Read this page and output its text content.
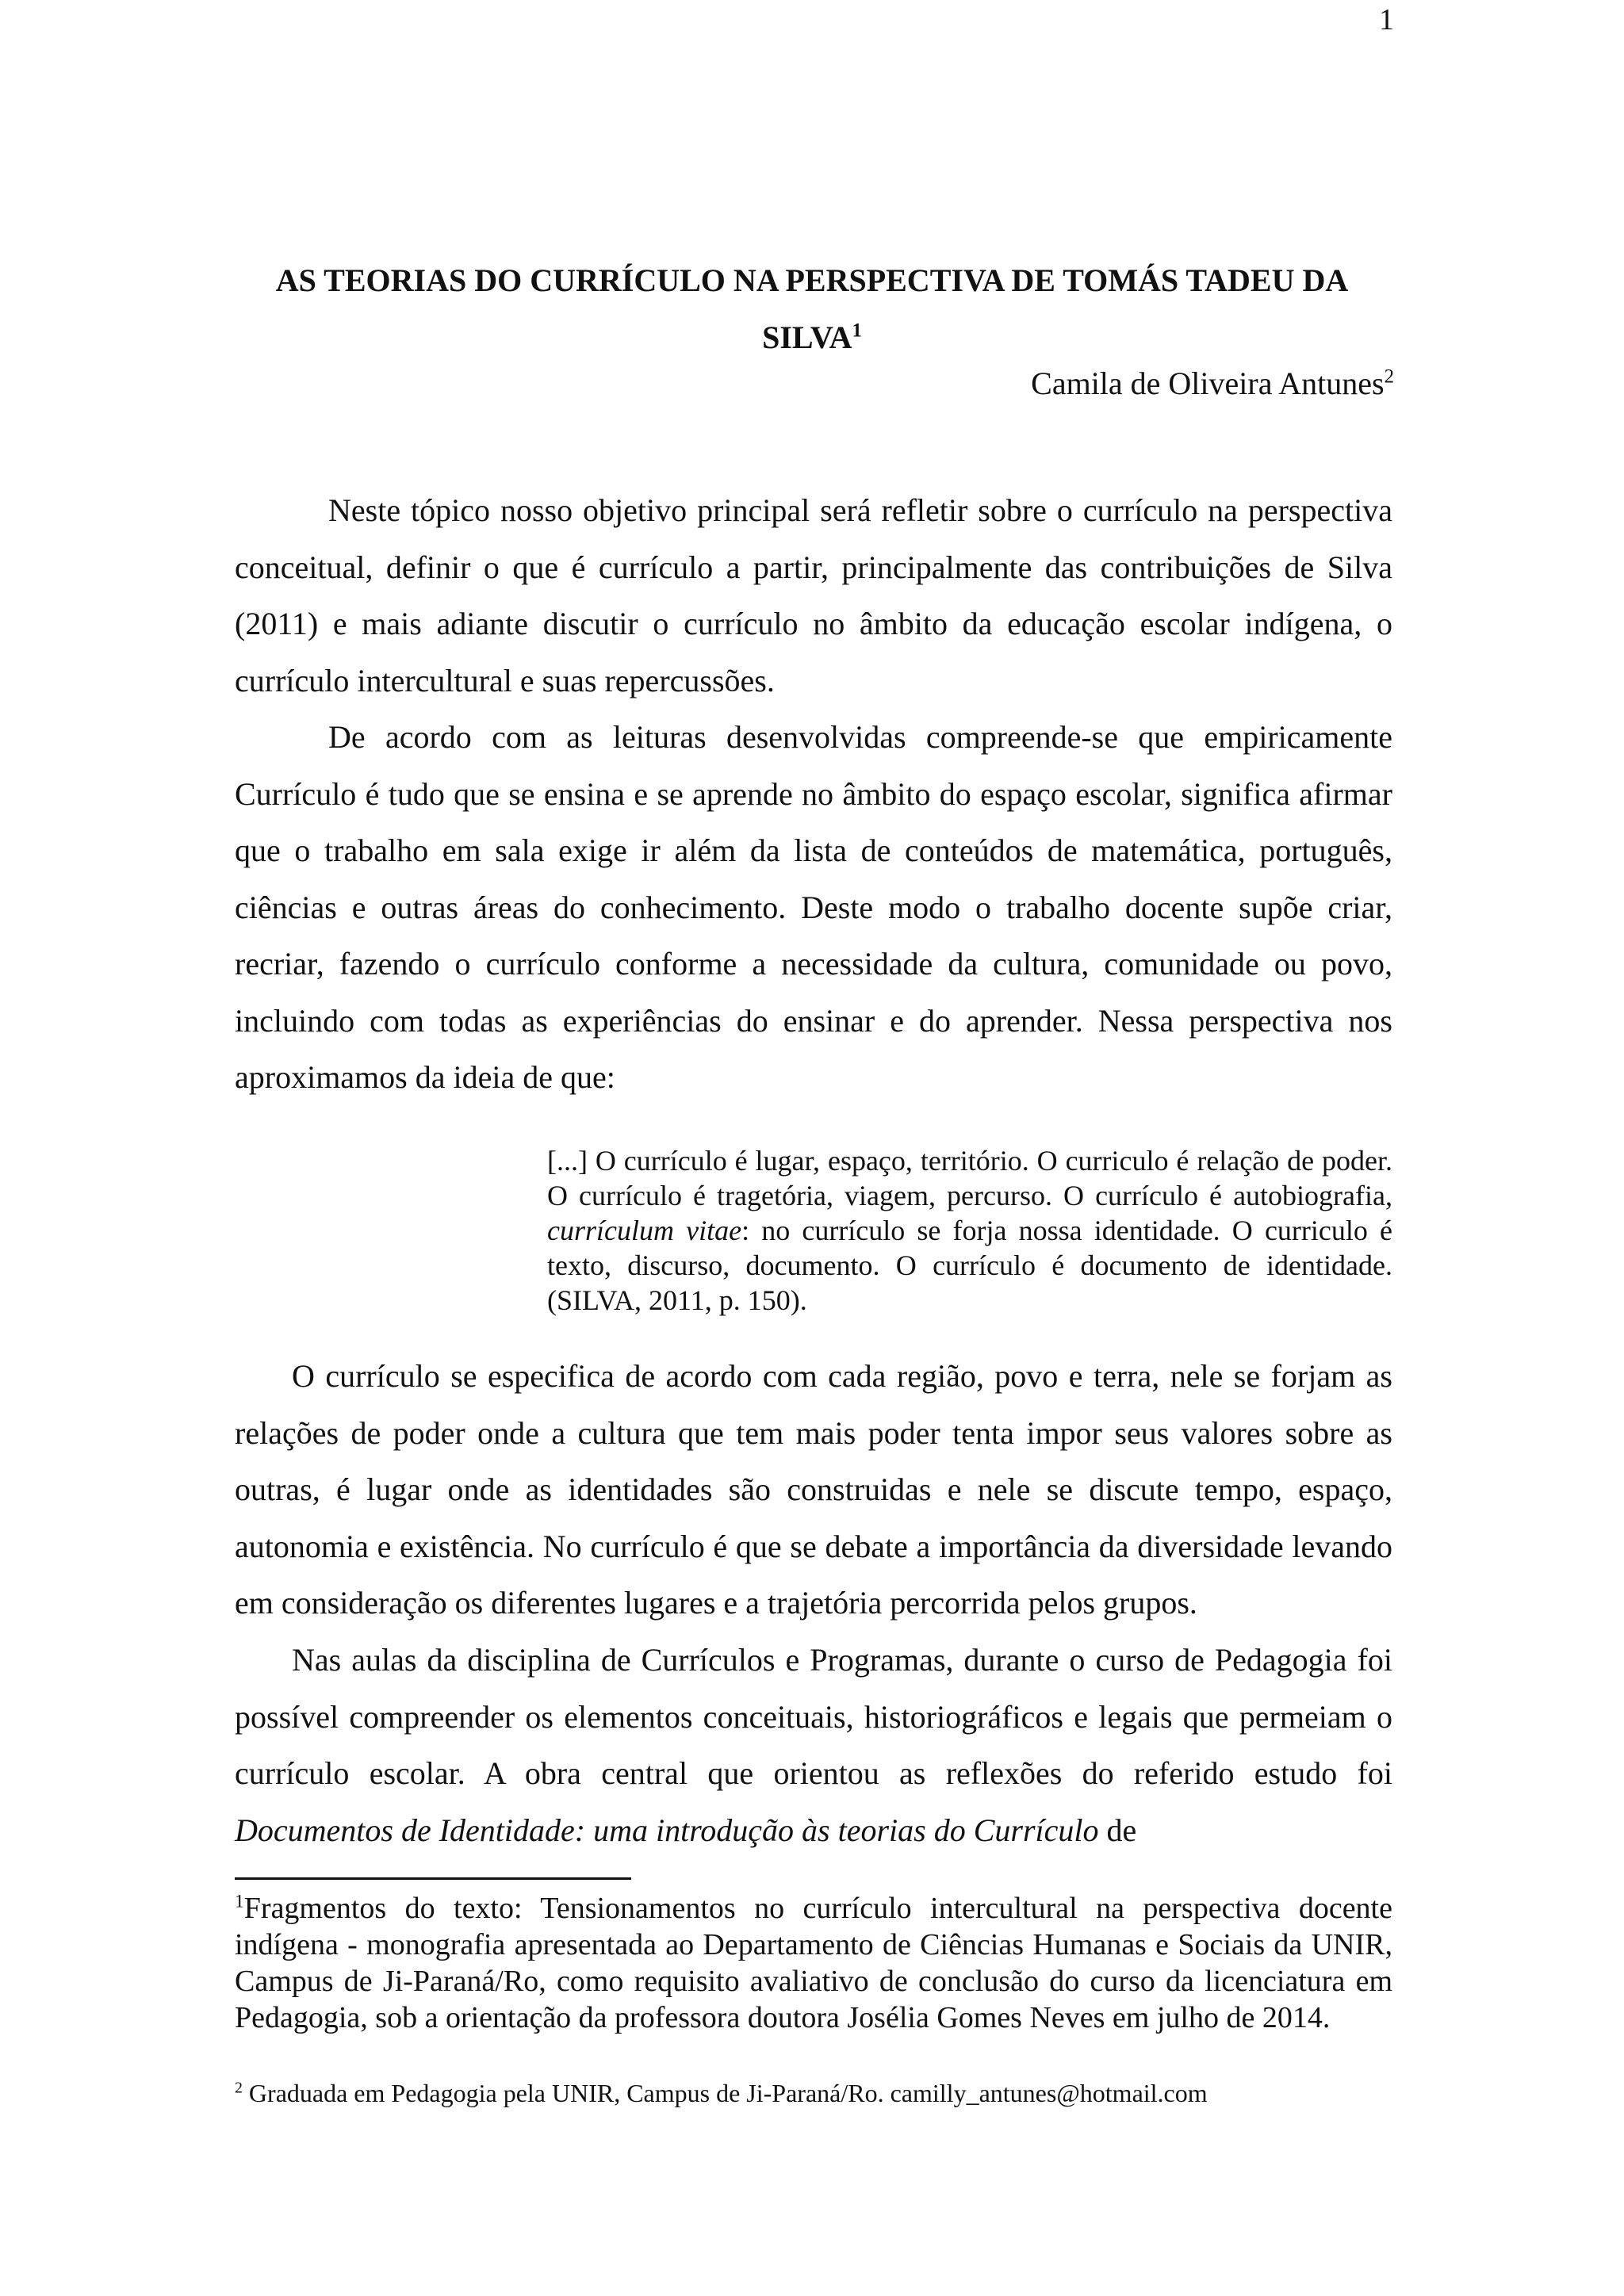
1
AS TEORIAS DO CURRÍCULO NA PERSPECTIVA DE TOMÁS TADEU DA SILVA$^1$
Camila de Oliveira Antunes$^2$

Neste tópico nosso objetivo principal será refletir sobre o currículo na perspectiva conceitual, definir o que é currículo a partir, principalmente das contribuições de Silva (2011) e mais adiante discutir o currículo no âmbito da educação escolar indígena, o currículo intercultural e suas repercussões.

De acordo com as leituras desenvolvidas compreende-se que empiricamente Currículo é tudo que se ensina e se aprende no âmbito do espaço escolar, significa afirmar que o trabalho em sala exige ir além da lista de conteúdos de matemática, português, ciências e outras áreas do conhecimento. Deste modo o trabalho docente supõe criar, recriar, fazendo o currículo conforme a necessidade da cultura, comunidade ou povo, incluindo com todas as experiências do ensinar e do aprender. Nessa perspectiva nos aproximamos da ideia de que:

[...] O currículo é lugar, espaço, território. O curriculo é relação de poder. O currículo é tragetória, viagem, percurso. O currículo é autobiografia, currículum vitae: no currículo se forja nossa identidade. O curriculo é texto, discurso, documento. O currículo é documento de identidade. (SILVA, 2011, p. 150).

O currículo se especifica de acordo com cada região, povo e terra, nele se forjam as relações de poder onde a cultura que tem mais poder tenta impor seus valores sobre as outras, é lugar onde as identidades são construidas e nele se discute tempo, espaço, autonomia e existência. No currículo é que se debate a importância da diversidade levando em consideração os diferentes lugares e a trajetória percorrida pelos grupos.

Nas aulas da disciplina de Currículos e Programas, durante o curso de Pedagogia foi possível compreender os elementos conceituais, historiográficos e legais que permeiam o currículo escolar. A obra central que orientou as reflexões do referido estudo foi Documentos de Identidade: uma introdução às teorias do Currículo de

$^1$Fragmentos do texto: Tensionamentos no currículo intercultural na perspectiva docente indígena - monografia apresentada ao Departamento de Ciências Humanas e Sociais da UNIR, Campus de Ji-Paraná/Ro, como requisito avaliativo de conclusão do curso da licenciatura em Pedagogia, sob a orientação da professora doutora Josélia Gomes Neves em julho de 2014.

$^2$ Graduada em Pedagogia pela UNIR, Campus de Ji-Paraná/Ro. camilly_antunes@hotmail.com
